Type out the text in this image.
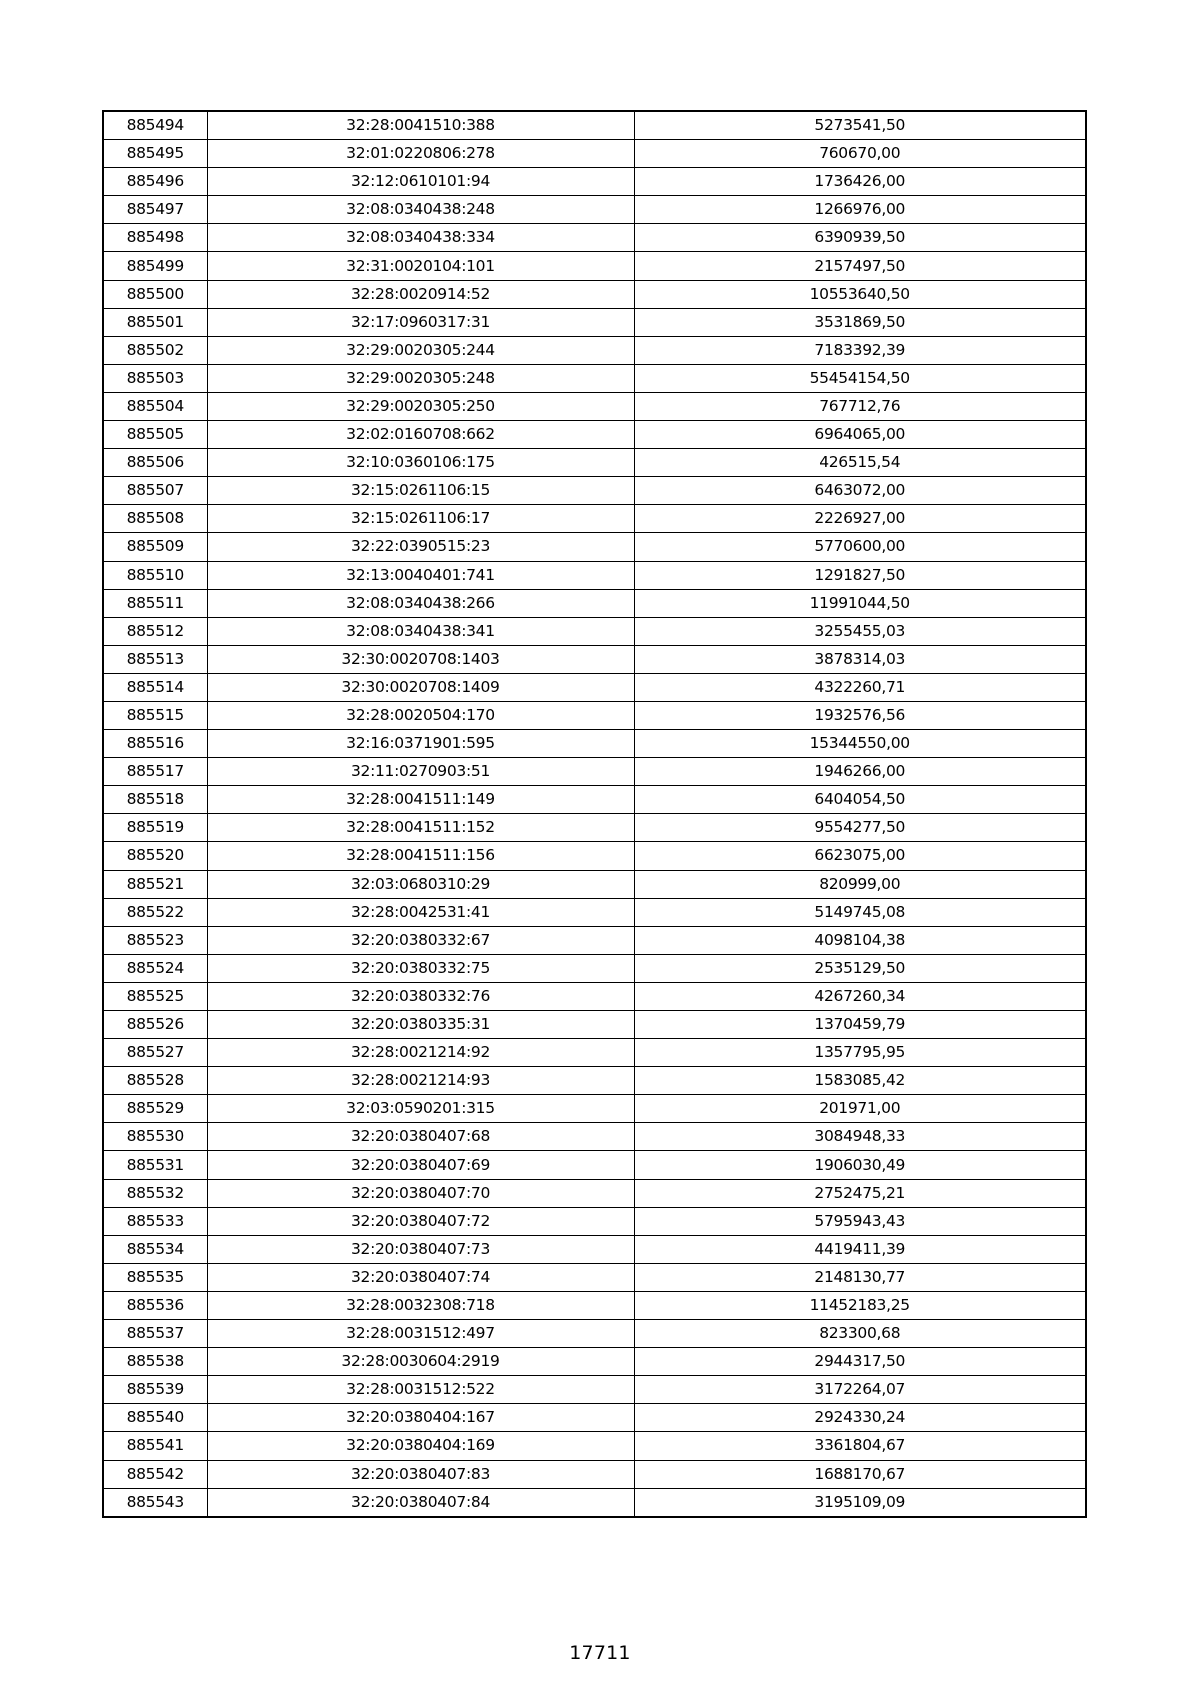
885494	32:28:0041510:388	5273541,50
885495	32:01:0220806:278	760670,00
885496	32:12:0610101:94	1736426,00
885497	32:08:0340438:248	1266976,00
885498	32:08:0340438:334	6390939,50
885499	32:31:0020104:101	2157497,50
885500	32:28:0020914:52	10553640,50
885501	32:17:0960317:31	3531869,50
885502	32:29:0020305:244	7183392,39
885503	32:29:0020305:248	55454154,50
885504	32:29:0020305:250	767712,76
885505	32:02:0160708:662	6964065,00
885506	32:10:0360106:175	426515,54
885507	32:15:0261106:15	6463072,00
885508	32:15:0261106:17	2226927,00
885509	32:22:0390515:23	5770600,00
885510	32:13:0040401:741	1291827,50
885511	32:08:0340438:266	11991044,50
885512	32:08:0340438:341	3255455,03
885513	32:30:0020708:1403	3878314,03
885514	32:30:0020708:1409	4322260,71
885515	32:28:0020504:170	1932576,56
885516	32:16:0371901:595	15344550,00
885517	32:11:0270903:51	1946266,00
885518	32:28:0041511:149	6404054,50
885519	32:28:0041511:152	9554277,50
885520	32:28:0041511:156	6623075,00
885521	32:03:0680310:29	820999,00
885522	32:28:0042531:41	5149745,08
885523	32:20:0380332:67	4098104,38
885524	32:20:0380332:75	2535129,50
885525	32:20:0380332:76	4267260,34
885526	32:20:0380335:31	1370459,79
885527	32:28:0021214:92	1357795,95
885528	32:28:0021214:93	1583085,42
885529	32:03:0590201:315	201971,00
885530	32:20:0380407:68	3084948,33
885531	32:20:0380407:69	1906030,49
885532	32:20:0380407:70	2752475,21
885533	32:20:0380407:72	5795943,43
885534	32:20:0380407:73	4419411,39
885535	32:20:0380407:74	2148130,77
885536	32:28:0032308:718	11452183,25
885537	32:28:0031512:497	823300,68
885538	32:28:0030604:2919	2944317,50
885539	32:28:0031512:522	3172264,07
885540	32:20:0380404:167	2924330,24
885541	32:20:0380404:169	3361804,67
885542	32:20:0380407:83	1688170,67
885543	32:20:0380407:84	3195109,09
17711
